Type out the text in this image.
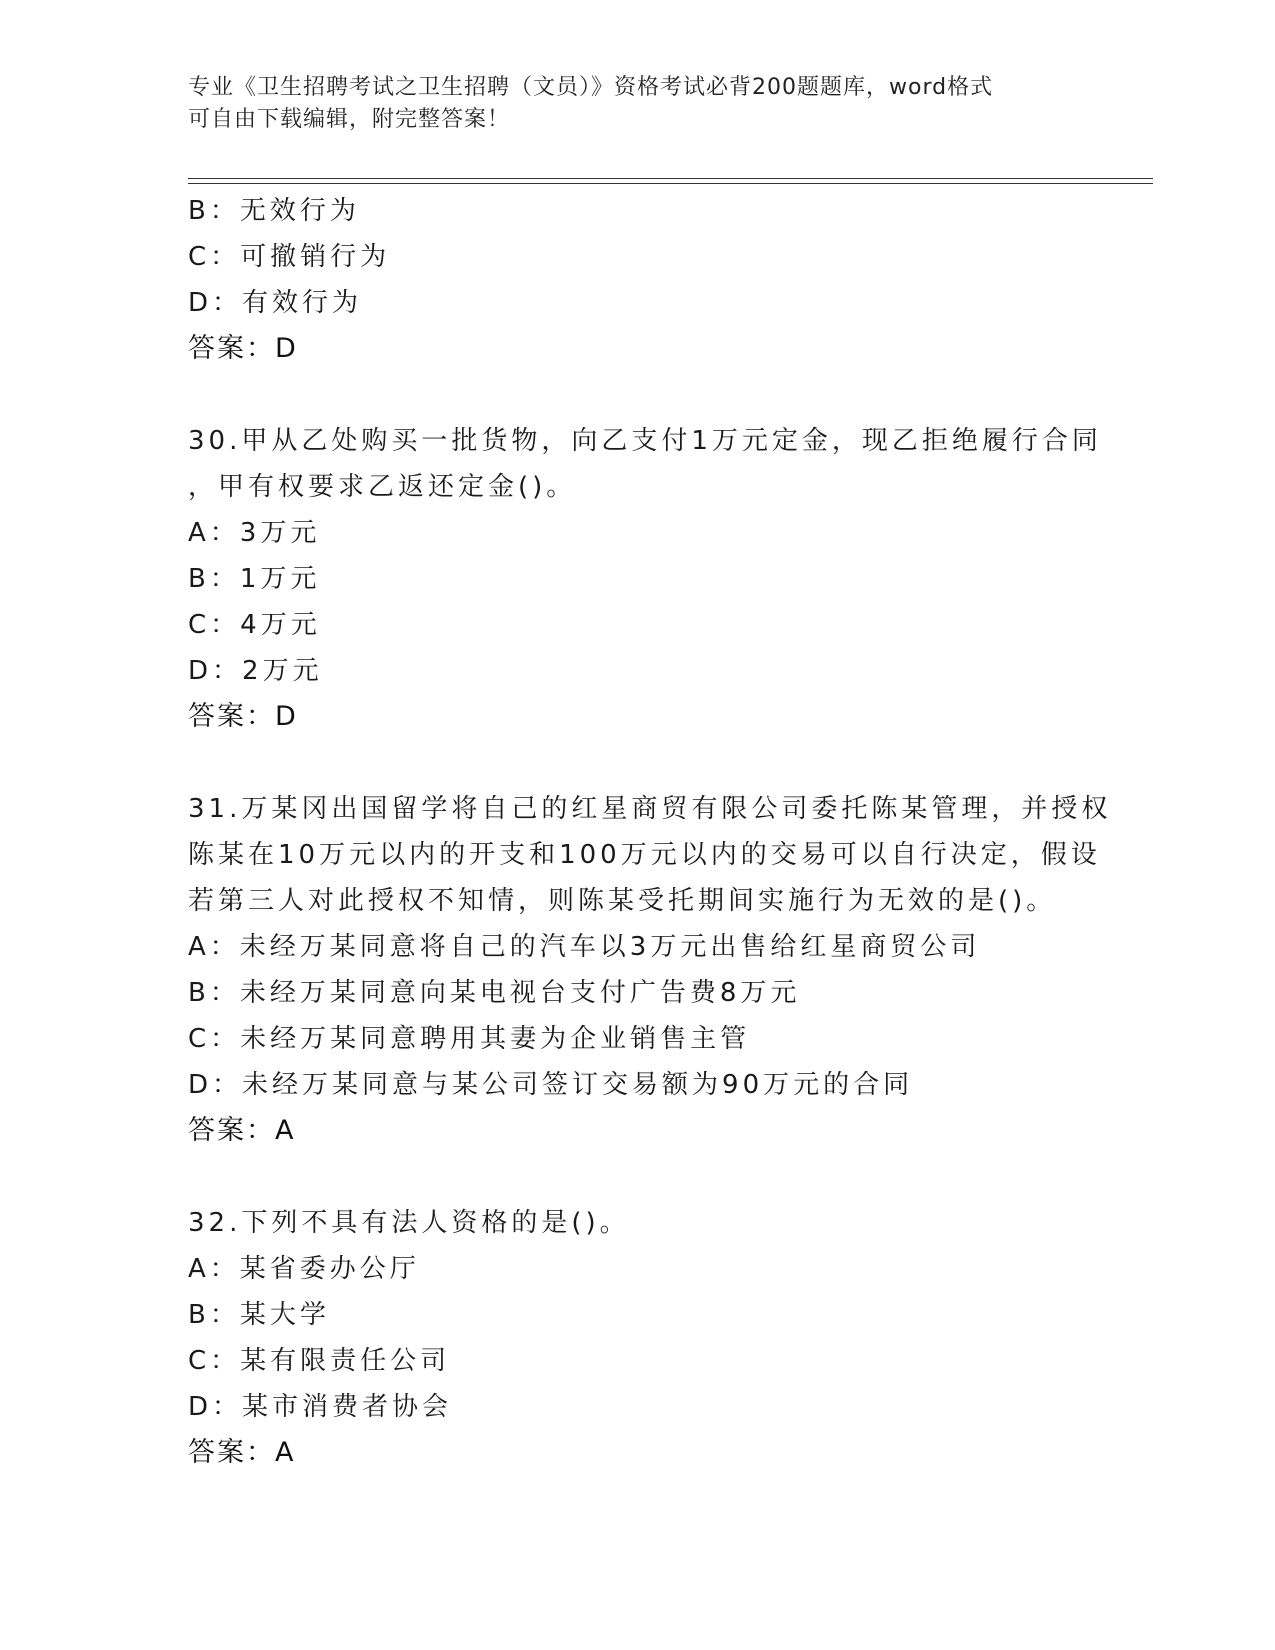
专业《卫生招聘考试之卫生招聘（文员）》资格考试必背200题题库，word格式
可自由下载编辑，附完整答案！
B：无效行为
C：可撤销行为
D：有效行为
答案：D
30.甲从乙处购买一批货物，向乙支付1万元定金，现乙拒绝履行合同
，甲有权要求乙返还定金()。
A：3万元
B：1万元
C：4万元
D：2万元
答案：D
31.万某冈出国留学将自己的红星商贸有限公司委托陈某管理，并授权
陈某在10万元以内的开支和100万元以内的交易可以自行决定，假设
若第三人对此授权不知情，则陈某受托期间实施行为无效的是()。
A：未经万某同意将自己的汽车以3万元出售给红星商贸公司
B：未经万某同意向某电视台支付广告费8万元
C：未经万某同意聘用其妻为企业销售主管
D：未经万某同意与某公司签订交易额为90万元的合同
答案：A
32.下列不具有法人资格的是()。
A：某省委办公厅
B：某大学
C：某有限责任公司
D：某市消费者协会
答案：A
